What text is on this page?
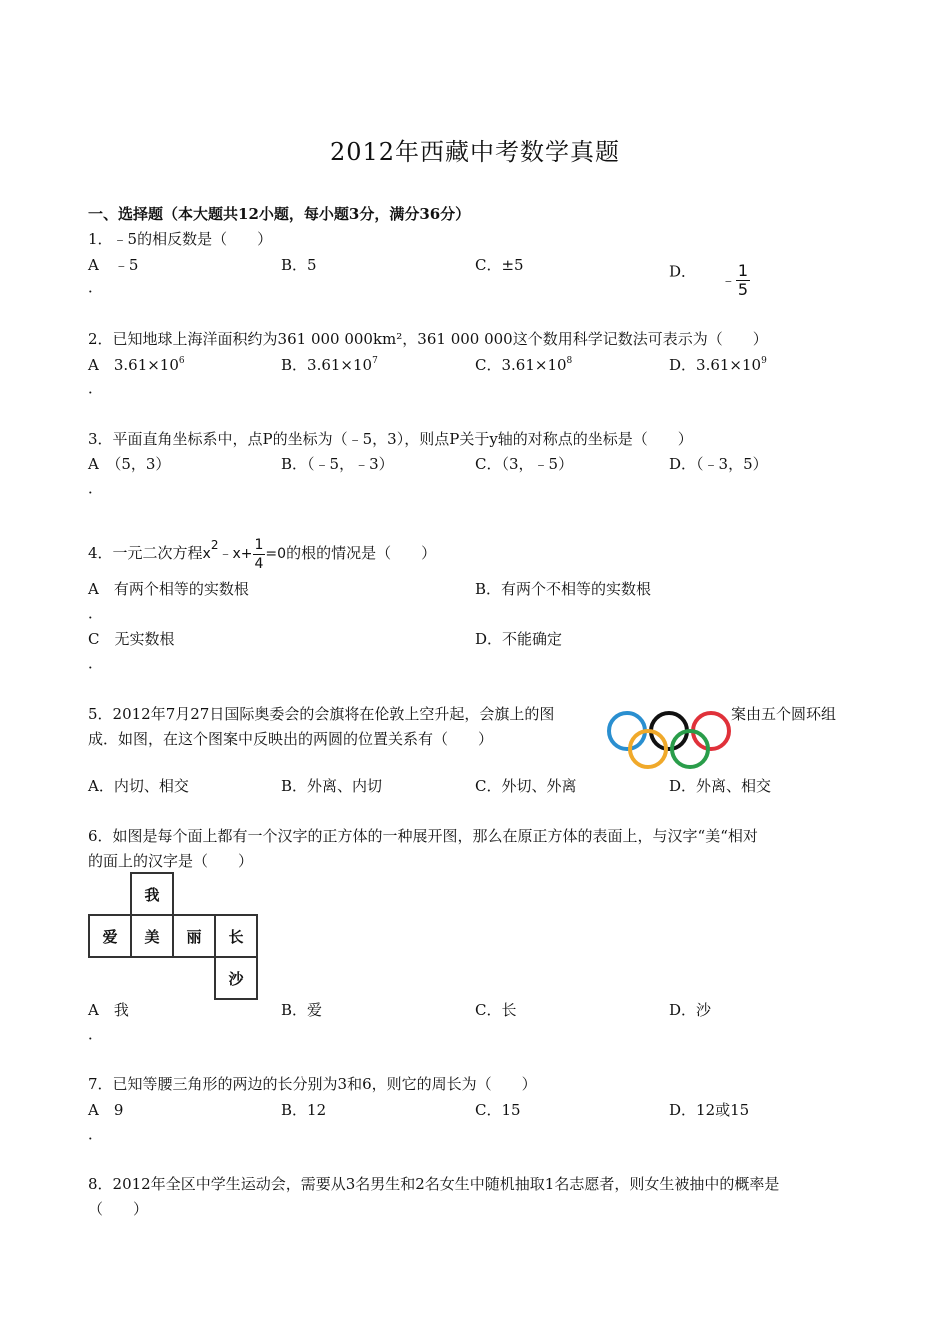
2012年西藏中考数学真题
一、选择题（本大题共12小题，每小题3分，满分36分）
1．﹣5的相反数是（　　）
A　﹣5	B．5	C．±5	D． ﹣ $\frac{1}{5}$
．
2．已知地球上海洋面积约为361 000 000km²，361 000 000这个数用科学记数法可表示为（　　）
A　$3.61\times 10^6$	B．$3.61\times 10^7$	C．$3.61\times 10^8$	D．$3.61\times 10^9$
．
3．平面直角坐标系中，点P的坐标为（﹣5，3），则点P关于y轴的对称点的坐标是（　　）
A　（5，3）	B．（﹣5，﹣3）	C．（3，﹣5）	D．（﹣3，5）
．
4．一元二次方程$x^2﹣x+ \frac{1}{4} =0$的根的情况是（　　）
A　有两个相等的实数根	B．有两个不相等的实数根
．
C　无实数根	D．不能确定
．
5．2012年7月27日国际奥委会的会旗将在伦敦上空升起，会旗上的图	案由五个圆环组
成．如图，在这个图案中反映出的两圆的位置关系有（　　）
A．内切、相交	B．外离、内切	C．外切、外离	D．外离、相交
6．如图是每个面上都有一个汉字的正方体的一种展开图，那么在原正方体的表面上，与汉字“美“相对
的面上的汉字是（　　）
	我		
爱	美	丽	长
			沙
A　我	B．爱	C．长	D．沙
．
7．已知等腰三角形的两边的长分别为3和6，则它的周长为（　　）
A　9	B．12	C．15	D．12或15
．
8．2012年全区中学生运动会，需要从3名男生和2名女生中随机抽取1名志愿者，则女生被抽中的概率是
（　　）
